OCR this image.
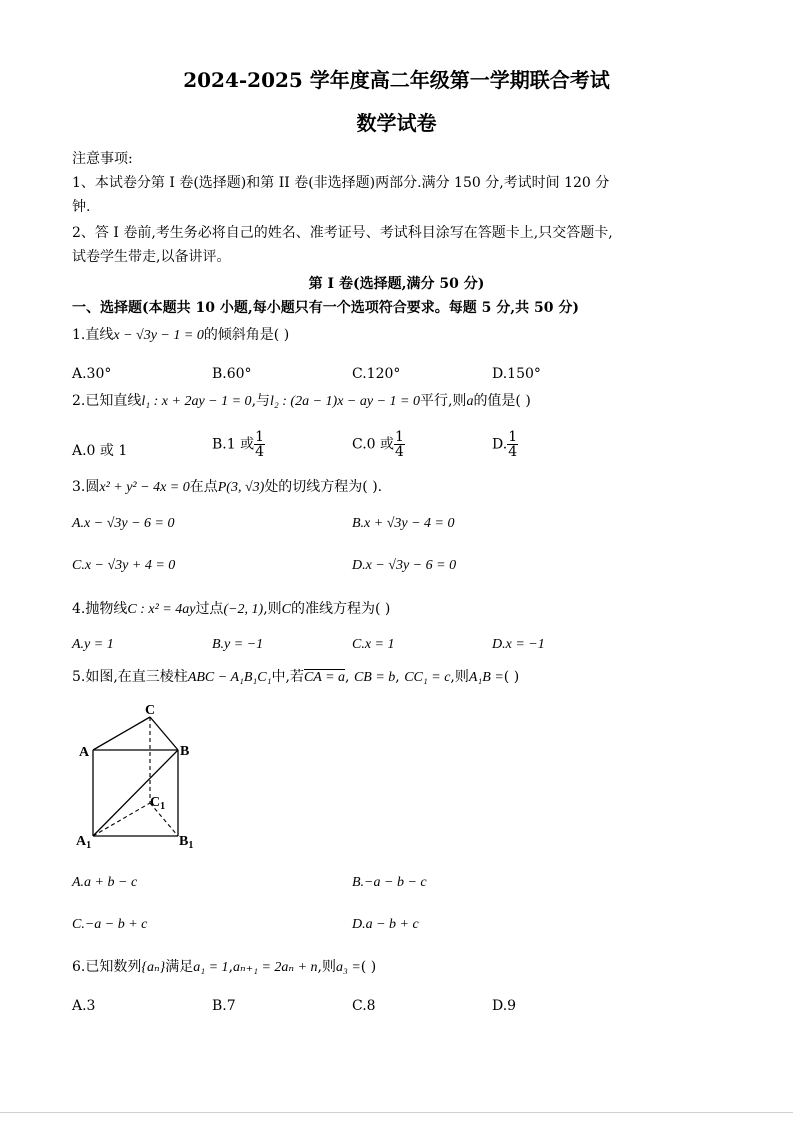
2024-2025 学年度高二年级第一学期联合考试
数学试卷
注意事项:
1、本试卷分第 I 卷(选择题)和第 II 卷(非选择题)两部分.满分 150 分,考试时间 120 分
钟.
2、答 I 卷前,考生务必将自己的姓名、准考证号、考试科目涂写在答题卡上,只交答题卡,
试卷学生带走,以备讲评。
第 I 卷(选择题,满分 50 分)
一、选择题(本题共 10 小题,每小题只有一个选项符合要求。每题 5 分,共 50 分)
1.直线x − √3y − 1 = 0的倾斜角是( )
A.30°	B.60°	C.120°	D.150°
2.已知直线l₁ : x + 2ay − 1 = 0,与l₂ : (2a − 1)x − ay − 1 = 0平行,则a的值是( )
A.0 或 1	B.1 或 $\frac{1}{4}$	C.0 或 $\frac{1}{4}$	D. $\frac{1}{4}$
3.圆x² + y² − 4x = 0在点P(3, √3)处的切线方程为( ).
A.x − √3y − 6 = 0	B.x + √3y − 4 = 0
C.x − √3y + 4 = 0	D.x − √3y − 6 = 0
4.抛物线C : x² = 4ay过点(−2, 1),则C的准线方程为( )
A.y = 1	B.y = −1	C.x = 1	D.x = −1
5.如图,在直三棱柱ABC − A₁B₁C₁中,若CA = a, CB = b, CC₁ = c,则A₁B =( )
C
A	B
$C_1$
$A_1$	$B_1$
A.a + b − c	B.−a − b − c
C.−a − b + c	D.a − b + c
6.已知数列{aₙ}满足a₁ = 1,aₙ₊₁ = 2aₙ + n,则a₃ =( )
A.3	B.7	C.8	D.9
